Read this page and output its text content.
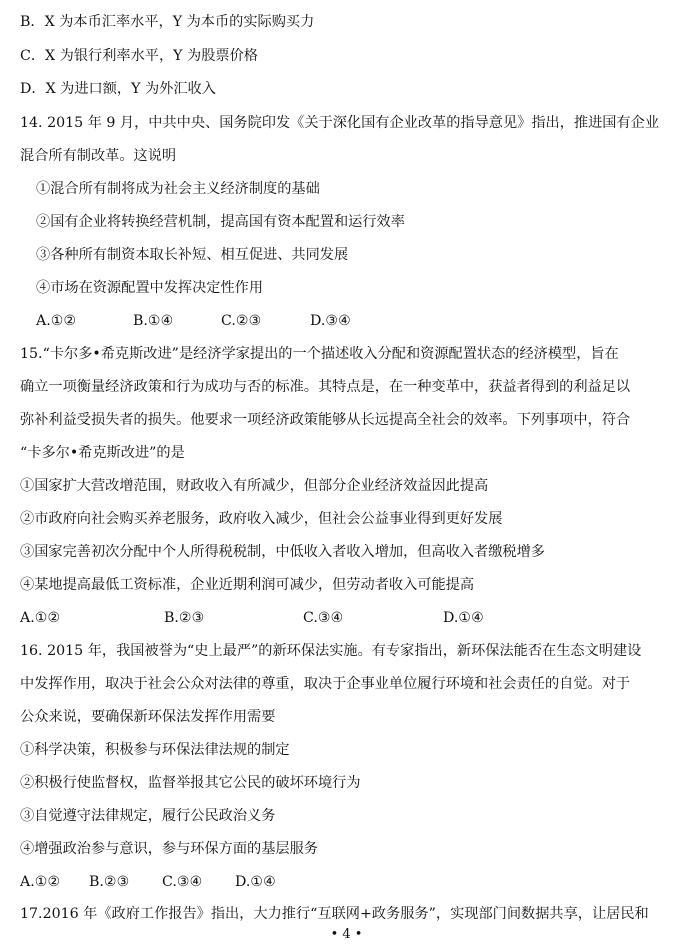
B．X 为本币汇率水平，Y 为本币的实际购买力
C．X 为银行利率水平，Y 为股票价格
D．X 为进口额，Y 为外汇收入
14. 2015 年 9 月，中共中央、国务院印发《关于深化国有企业改革的指导意见》指出，推进国有企业
混合所有制改革。这说明
①混合所有制将成为社会主义经济制度的基础
②国有企业将转换经营机制，提高国有资本配置和运行效率
③各种所有制资本取长补短、相互促进、共同发展
④市场在资源配置中发挥决定性作用
A.①②	B.①④	C.②③	D.③④
15.“卡尔多•希克斯改进”是经济学家提出的一个描述收入分配和资源配置状态的经济模型，旨在
确立一项衡量经济政策和行为成功与否的标准。其特点是，在一种变革中，获益者得到的利益足以
弥补利益受损失者的损失。他要求一项经济政策能够从长远提高全社会的效率。下列事项中，符合
“卡多尔•希克斯改进”的是
①国家扩大营改增范围，财政收入有所减少，但部分企业经济效益因此提高
②市政府向社会购买养老服务，政府收入减少，但社会公益事业得到更好发展
③国家完善初次分配中个人所得税税制，中低收入者收入增加，但高收入者缴税增多
④某地提高最低工资标准，企业近期利润可减少，但劳动者收入可能提高
A.①②	B.②③	C.③④	D.①④
16. 2015 年，我国被誉为“史上最严”的新环保法实施。有专家指出，新环保法能否在生态文明建设
中发挥作用，取决于社会公众对法律的尊重，取决于企事业单位履行环境和社会责任的自觉。对于
公众来说，要确保新环保法发挥作用需要
①科学决策，积极参与环保法律法规的制定
②积极行使监督权，监督举报其它公民的破坏环境行为
③自觉遵守法律规定，履行公民政治义务
④增强政治参与意识，参与环保方面的基层服务
A.①② B.②③ C.③④ D.①④
17.2016 年《政府工作报告》指出，大力推行“互联网+政务服务”，实现部门间数据共享，让居民和
• 4 •
